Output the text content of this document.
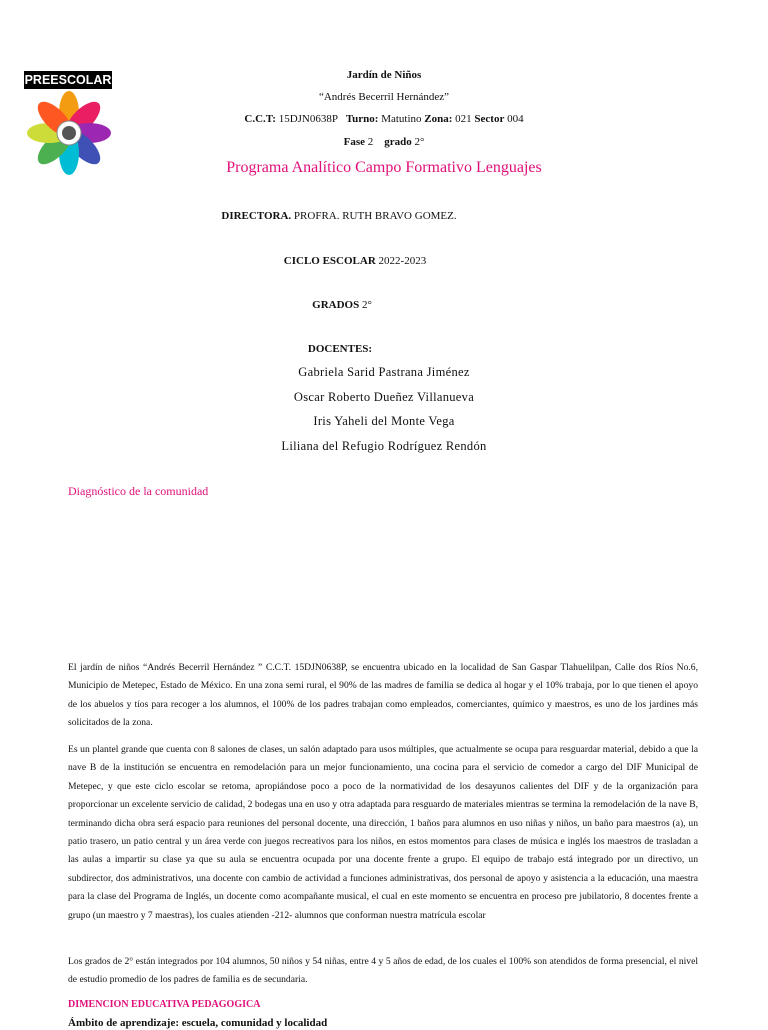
PREESCOLAR	Jardín de Niños
“Andrés Becerril Hernández”
C.C.T: 15DJN0638P Turno: Matutino Zona: 021 Sector 004
Fase 2 grado 2°
Programa Analítico Campo Formativo Lenguajes
DIRECTORA. PROFRA. RUTH BRAVO GOMEZ.
CICLO ESCOLAR 2022-2023
GRADOS 2°
DOCENTES:
Gabriela Sarid Pastrana Jiménez
Oscar Roberto Dueñez Villanueva
Iris Yaheli del Monte Vega
Liliana del Refugio Rodríguez Rendón
Diagnóstico de la comunidad

El jardín de niños “Andrés Becerril Hernández ” C.C.T. 15DJN0638P, se encuentra ubicado en la localidad de San Gaspar Tlahuelilpan, Calle dos Ríos No.6, Municipio de Metepec, Estado de México. En una zona semi rural, el 90% de las madres de familia se dedica al hogar y el 10% trabaja, por lo que tienen el apoyo de los abuelos y tíos para recoger a los alumnos, el 100% de los padres trabajan como empleados, comerciantes, químico y maestros, es uno de los jardines más solicitados de la zona.

Es un plantel grande que cuenta con 8 salones de clases, un salón adaptado para usos múltiples, que actualmente se ocupa para resguardar material, debido a que la nave B de la institución se encuentra en remodelación para un mejor funcionamiento, una cocina para el servicio de comedor a cargo del DIF Municipal de Metepec, y que este ciclo escolar se retoma, apropiándose poco a poco de la normatividad de los desayunos calientes del DIF y de la organización para proporcionar un excelente servicio de calidad, 2 bodegas una en uso y otra adaptada para resguardo de materiales mientras se termina la remodelación de la nave B, terminando dicha obra será espacio para reuniones del personal docente, una dirección, 1 baños para alumnos en uso niñas y niños, un baño para maestros (a), un patio trasero, un patio central y un área verde con juegos recreativos para los niños, en estos momentos para clases de música e inglés los maestros de trasladan a las aulas a impartir su clase ya que su aula se encuentra ocupada por una docente frente a grupo. El equipo de trabajo está integrado por un directivo, un subdirector, dos administrativos, una docente con cambio de actividad a funciones administrativas, dos personal de apoyo y asistencia a la educación, una maestra para la clase del Programa de Inglés, un docente como acompañante musical, el cual en este momento se encuentra en proceso pre jubilatorio, 8 docentes frente a grupo (un maestro y 7 maestras), los cuales atienden -212- alumnos que conforman nuestra matrícula escolar

Los grados de 2° están integrados por 104 alumnos, 50 niños y 54 niñas, entre 4 y 5 años de edad, de los cuales el 100% son atendidos de forma presencial, el nivel de estudio promedio de los padres de familia es de secundaria.

DIMENCION EDUCATIVA PEDAGOGICA
Ámbito de aprendizaje: escuela, comunidad y localidad
